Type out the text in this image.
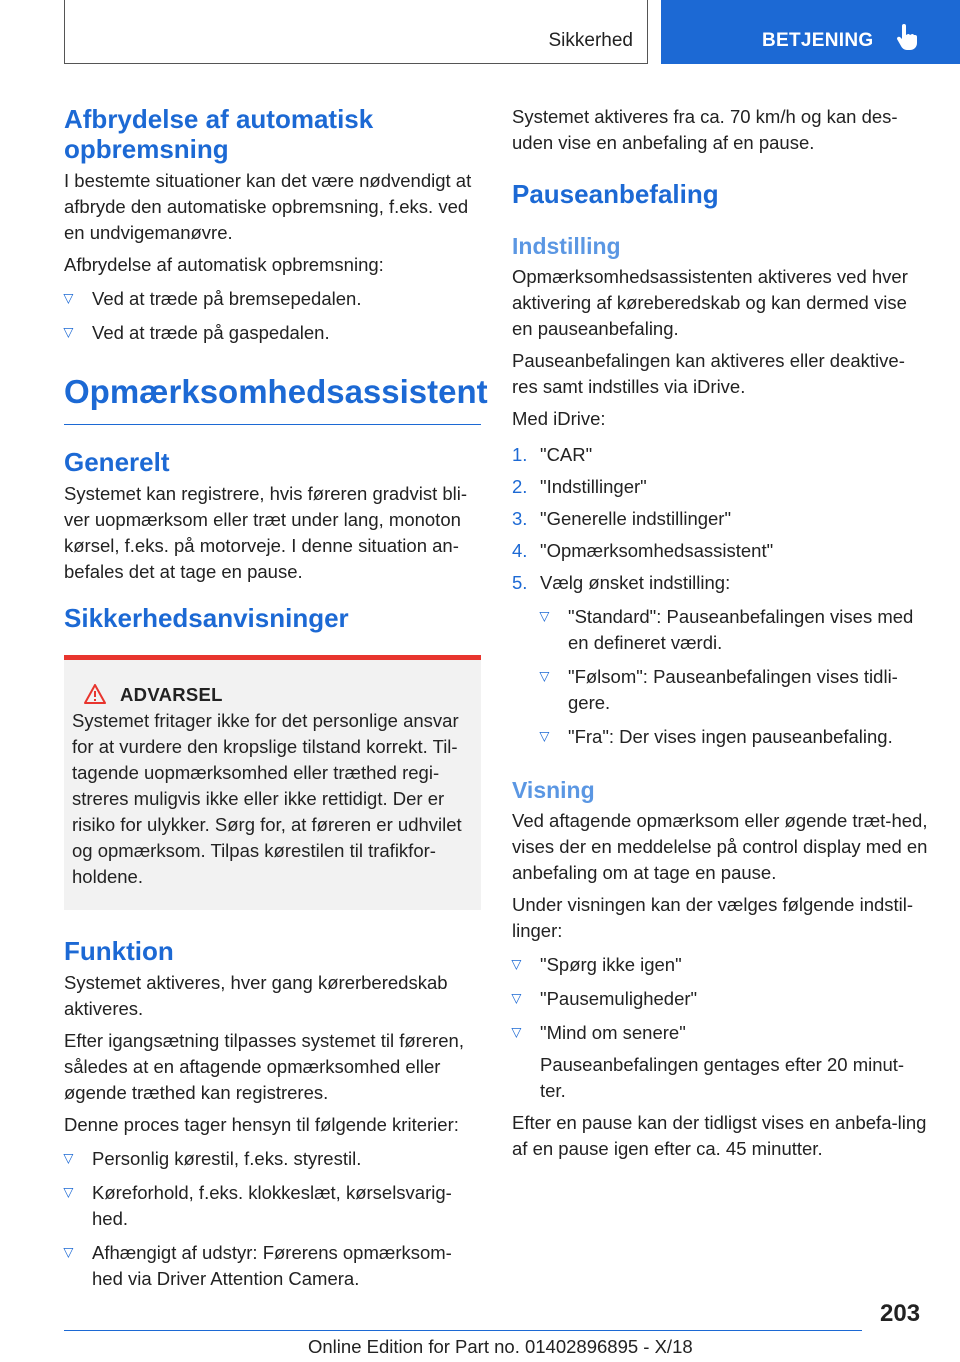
Sikkerhed	BETJENING
Afbrydelse af automatisk opbremsning

I bestemte situationer kan det være nødvendigt at afbryde den automatiske opbremsning, f.eks. ved en undvigemanøvre.

Afbrydelse af automatisk opbremsning:

▷ Ved at træde på bremsepedalen.
▷ Ved at træde på gaspedalen.
Opmærksomhedsassistent
Generelt

Systemet kan registrere, hvis føreren gradvist bli‐ver uopmærksom eller træt under lang, monoton kørsel, f.eks. på motorveje. I denne situation an‐befales det at tage en pause.

Sikkerhedsanvisninger
ADVARSEL

Systemet fritager ikke for det personlige ansvar for at vurdere den kropslige tilstand korrekt. Til‐tagende uopmærksomhed eller træthed regi‐streres muligvis ikke eller ikke rettidigt. Der er risiko for ulykker. Sørg for, at føreren er udhvilet og opmærksom. Tilpas kørestilen til trafikfor‐holdene.

Funktion

Systemet aktiveres, hver gang kørerberedskab aktiveres.

Efter igangsætning tilpasses systemet til føreren, således at en aftagende opmærksomhed eller øgende træthed kan registreres.

Denne proces tager hensyn til følgende kriterier:

▷ Personlig kørestil, f.eks. styrestil.
▷ Køreforhold, f.eks. klokkeslæt, kørselsvarig‐hed.
▷ Afhængigt af udstyr: Førerens opmærksom‐hed via Driver Attention Camera.

Systemet aktiveres fra ca. 70 km/h og kan des‐uden vise en anbefaling af en pause.

Pauseanbefaling
Indstilling

Opmærksomhedsassistenten aktiveres ved hver aktivering af køreberedskab og kan dermed vise en pauseanbefaling.

Pauseanbefalingen kan aktiveres eller deaktive‐res samt indstilles via iDrive.

Med iDrive:

1. "CAR"
2. "Indstillinger"
3. "Generelle indstillinger"
4. "Opmærksomhedsassistent"
5. Vælg ønsket indstilling:
▷ "Standard": Pauseanbefalingen vises med en defineret værdi.
▷ "Følsom": Pauseanbefalingen vises tidli‐gere.
▷ "Fra": Der vises ingen pauseanbefaling.
Visning

Ved aftagende opmærksom eller øgende træt‐hed, vises der en meddelelse på control display med en anbefaling om at tage en pause.

Under visningen kan der vælges følgende indstil‐linger:

▷ "Spørg ikke igen"
▷ "Pausemuligheder"
▷ "Mind om senere"

Pauseanbefalingen gentages efter 20 minut‐ter.

Efter en pause kan der tidligst vises en anbefa‐ling af en pause igen efter ca. 45 minutter.

203
Online Edition for Part no. 01402896895 - X/18
